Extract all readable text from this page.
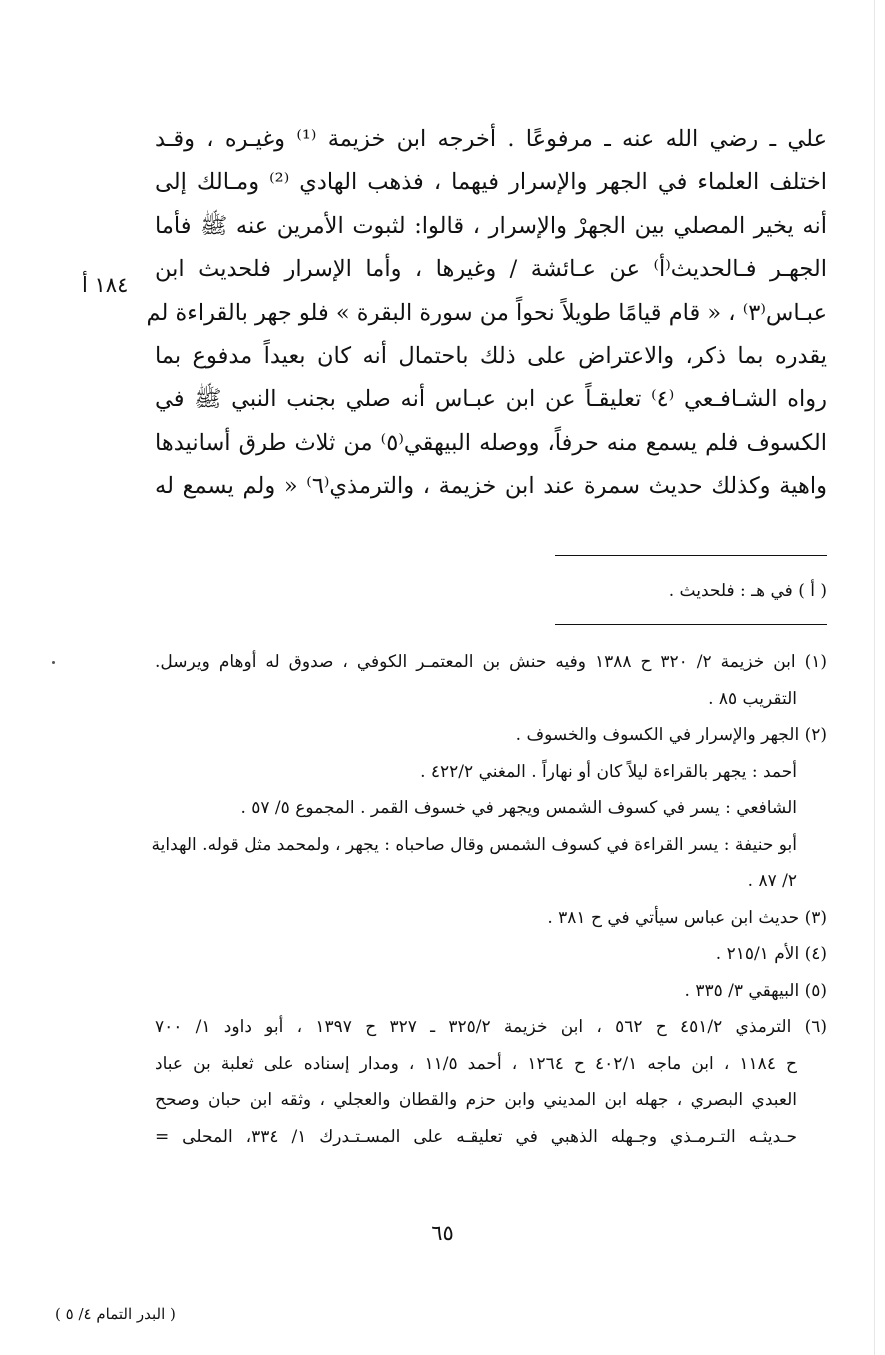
علي ـ رضي الله عنه ـ مرفوعًا . أخرجه ابن خزيمة ⁽¹⁾ وغيـره ، وقـد
اختلف العلماء في الجهر والإسرار فيهما ، فذهب الهادي ⁽²⁾ ومـالك إلى
أنه يخير المصلي بين الجهرْ والإسرار ، قالوا: لثبوت الأمرين عنه ﷺ فأما
الجهـر فـالحديث⁽أ⁾ عن عـائشة / وغيرها ، وأما الإسرار فلحديث ابن
عبـاس⁽٣⁾ ، « قام قيامًا طويلاً نحواً من سورة البقرة » فلو جهر بالقراءة لم
يقدره بما ذكر، والاعتراض على ذلك باحتمال أنه كان بعيداً مدفوع بما
رواه الشـافـعي ⁽٤⁾ تعليقـاً عن ابن عبـاس أنه صلي بجنب النبي ﷺ في
الكسوف فلم يسمع منه حرفاً، ووصله البيهقي⁽٥⁾ من ثلاث طرق أسانيدها
واهية وكذلك حديث سمرة عند ابن خزيمة ، والترمذي⁽٦⁾ « ولم يسمع له
١٨٤ أ
( أ ) في هـ : فلحديث .
(١) ابن خزيمة ٢/ ٣٢٠ ح ١٣٨٨ وفيه حنش بن المعتمـر الكوفي ، صدوق له أوهام ويرسل.
التقريب ٨٥ .
(٢) الجهر والإسرار في الكسوف والخسوف .
أحمد : يجهر بالقراءة ليلاً كان أو نهاراً . المغني ٤٢٢/٢ .
الشافعي : يسر في كسوف الشمس ويجهر في خسوف القمر . المجموع ٥/ ٥٧ .
أبو حنيفة : يسر القراءة في كسوف الشمس وقال صاحباه : يجهر ، ولمحمد مثل قوله. الهداية
٢/ ٨٧ .
(٣) حديث ابن عباس سيأتي في ح ٣٨١ .
(٤) الأم ٢١٥/١ .
(٥) البيهقي ٣/ ٣٣٥ .
(٦) الترمذي ٤٥١/٢ ح ٥٦٢ ، ابن خزيمة ٣٢٥/٢ ـ ٣٢٧ ح ١٣٩٧ ، أبو داود ١/ ٧٠٠
ح ١١٨٤ ، ابن ماجه ٤٠٢/١ ح ١٢٦٤ ، أحمد ١١/٥ ، ومدار إسناده على ثعلبة بن عباد
العبدي البصري ، جهله ابن المديني وابن حزم والقطان والعجلي ، وثقه ابن حبان وصحح
حـديثـه التـرمـذي وجـهله الذهبي في تعليقـه على المسـتـدرك ١/ ٣٣٤، المحلى =
٦٥
( البدر التمام ٤/ ٥ )
